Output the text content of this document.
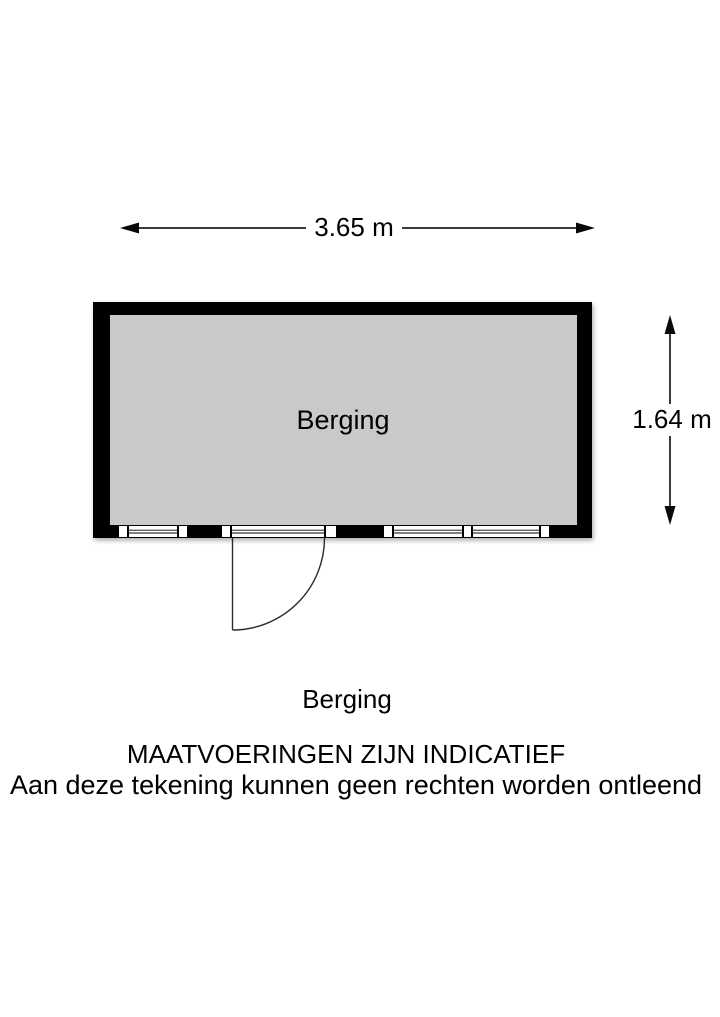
3.65 m
Berging	1.64 m
Berging
MAATVOERINGEN ZIJN INDICATIEF
Aan deze tekening kunnen geen rechten worden ontleend
